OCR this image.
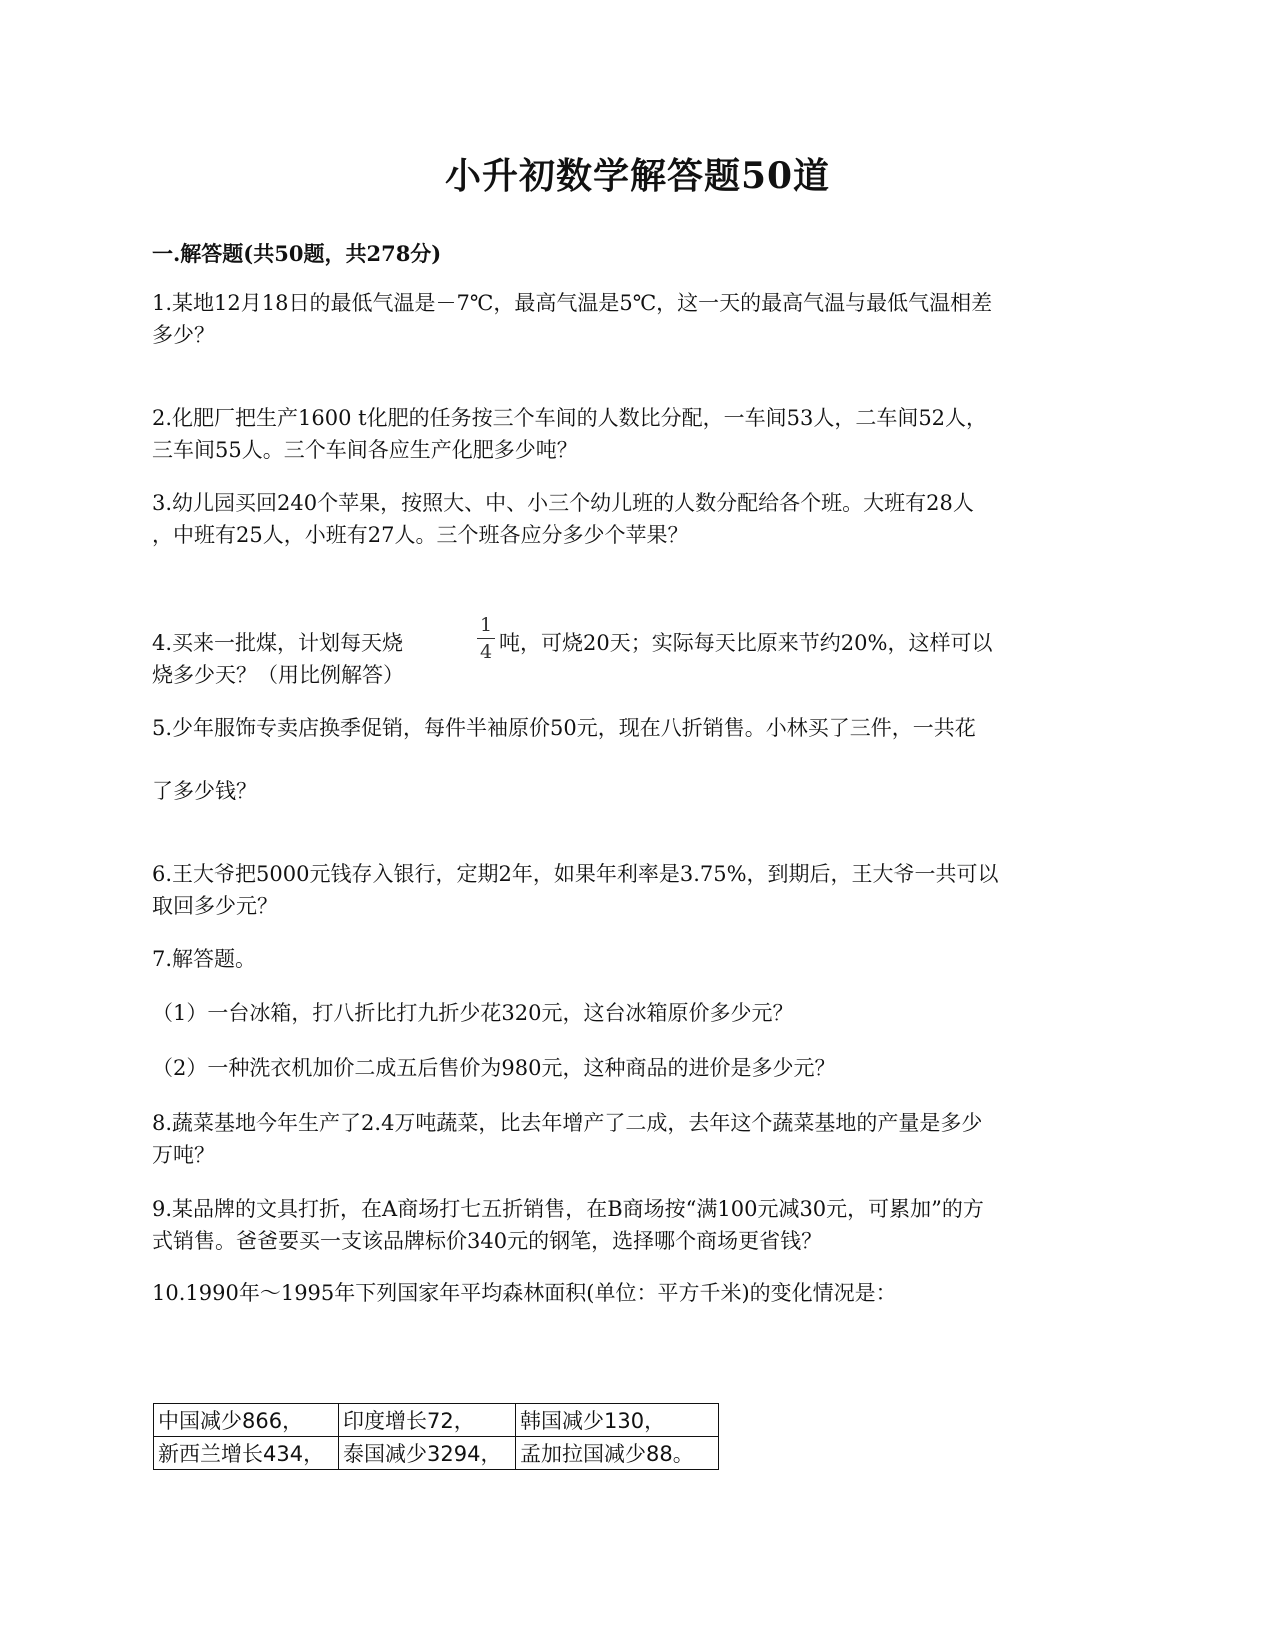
小升初数学解答题50道
一.解答题(共50题，共278分)
1.某地12月18日的最低气温是－7℃，最高气温是5℃，这一天的最高气温与最低气温相差
多少？
2.化肥厂把生产1600 t化肥的任务按三个车间的人数比分配，一车间53人，二车间52人，
三车间55人。三个车间各应生产化肥多少吨？
3.幼儿园买回240个苹果，按照大、中、小三个幼儿班的人数分配给各个班。大班有28人
，中班有25人，小班有27人。三个班各应分多少个苹果？
1
4
4.买来一批煤，计划每天烧	吨，可烧20天；实际每天比原来节约20%，这样可以
烧多少天？（用比例解答）
5.少年服饰专卖店换季促销，每件半袖原价50元，现在八折销售。小林买了三件，一共花
了多少钱？
6.王大爷把5000元钱存入银行，定期2年，如果年利率是3.75%，到期后，王大爷一共可以
取回多少元？
7.解答题。
（1）一台冰箱，打八折比打九折少花320元，这台冰箱原价多少元？
（2）一种洗衣机加价二成五后售价为980元，这种商品的进价是多少元？
8.蔬菜基地今年生产了2.4万吨蔬菜，比去年增产了二成，去年这个蔬菜基地的产量是多少
万吨？
9.某品牌的文具打折，在A商场打七五折销售，在B商场按“满100元减30元，可累加”的方
式销售。爸爸要买一支该品牌标价340元的钢笔，选择哪个商场更省钱？
10.1990年～1995年下列国家年平均森林面积(单位：平方千米)的变化情况是：
中国减少866，	印度增长72，	韩国减少130，
新西兰增长434，	泰国减少3294，	孟加拉国减少88。
